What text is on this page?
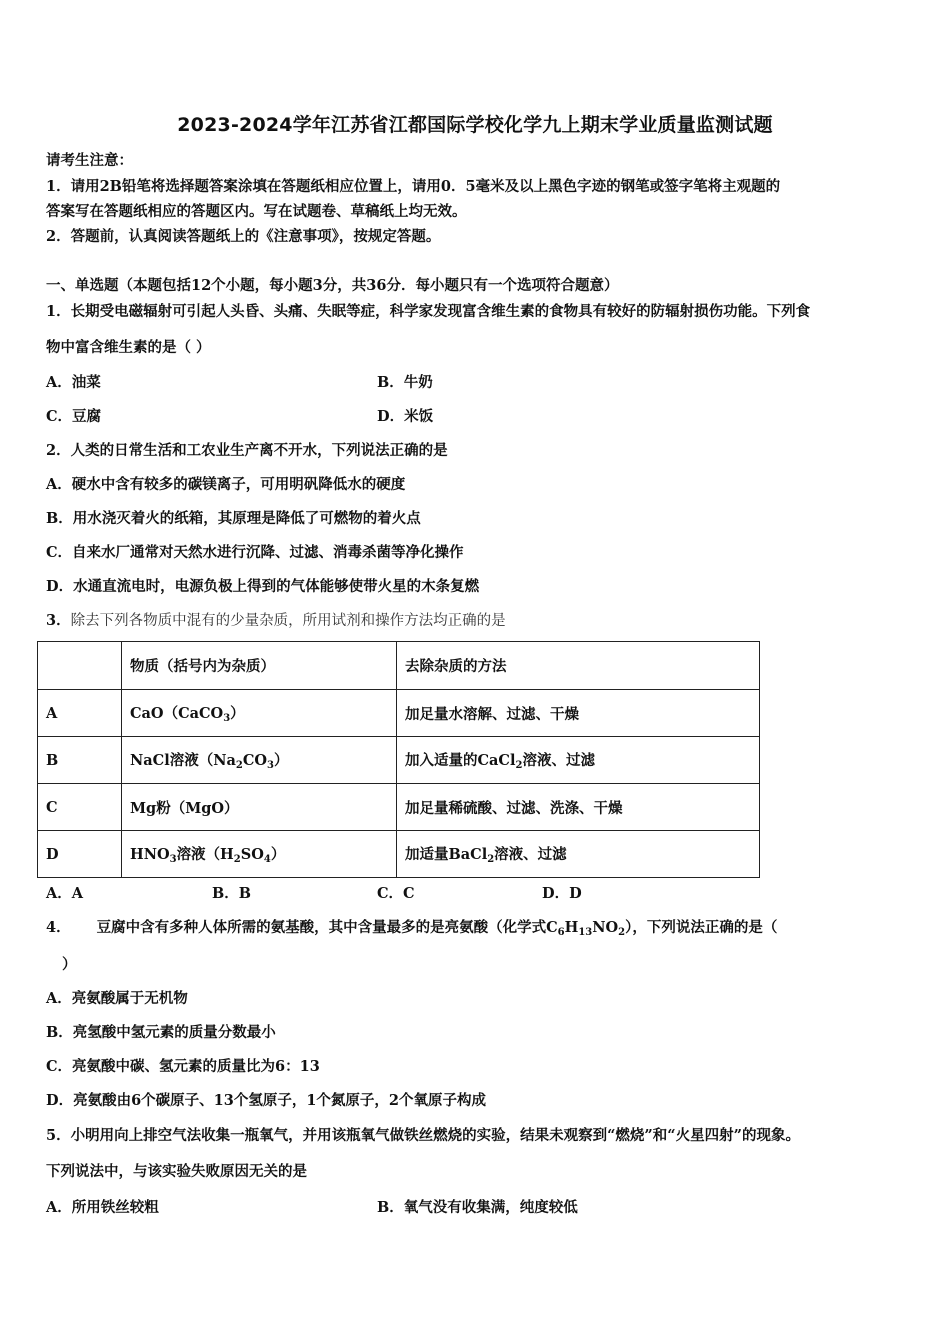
2023-2024学年江苏省江都国际学校化学九上期末学业质量监测试题
请考生注意：
1．请用2B铅笔将选择题答案涂填在答题纸相应位置上，请用0．5毫米及以上黑色字迹的钢笔或签字笔将主观题的
答案写在答题纸相应的答题区内。写在试题卷、草稿纸上均无效。
2．答题前，认真阅读答题纸上的《注意事项》，按规定答题。
一、单选题（本题包括12个小题，每小题3分，共36分．每小题只有一个选项符合题意）
1．长期受电磁辐射可引起人头昏、头痛、失眠等症，科学家发现富含维生素的食物具有较好的防辐射损伤功能。下列食
物中富含维生素的是（ ）
A．油菜	B．牛奶
C．豆腐	D．米饭
2．人类的日常生活和工农业生产离不开水，下列说法正确的是
A．硬水中含有较多的碳镁离子，可用明矾降低水的硬度
B．用水浇灭着火的纸箱，其原理是降低了可燃物的着火点
C．自来水厂通常对天然水进行沉降、过滤、消毒杀菌等净化操作
D．水通直流电时，电源负极上得到的气体能够使带火星的木条复燃
3．除去下列各物质中混有的少量杂质，所用试剂和操作方法均正确的是
	物质（括号内为杂质）	去除杂质的方法
A	CaO（CaCO$_3$）	加足量水溶解、过滤、干燥
B	NaCl溶液$(Na_2CO_3)$	加入适量的CaCl$_2$溶液、过滤
C	Mg粉（MgO）	加足量稀硫酸、过滤、洗涤、干燥
D	$HNO_3$溶液$(H_2SO_4)$	加适量BaCl$_2$溶液、过滤
A．A	B．B	C．C	D．D
4． 豆腐中含有多种人体所需的氨基酸，其中含量最多的是亮氨酸（化学式$C_6H_{13}NO_2$），下列说法正确的是（
）
A．亮氨酸属于无机物
B．亮氢酸中氢元素的质量分数最小
C．亮氨酸中碳、氢元素的质量比为6：13
D．亮氨酸由6个碳原子、13个氢原子，1个氮原子，2个氧原子构成
5．小明用向上排空气法收集一瓶氧气，并用该瓶氧气做铁丝燃烧的实验，结果未观察到“燃烧”和“火星四射”的现象。
下列说法中，与该实验失败原因无关的是
A．所用铁丝较粗	B．氧气没有收集满，纯度较低
